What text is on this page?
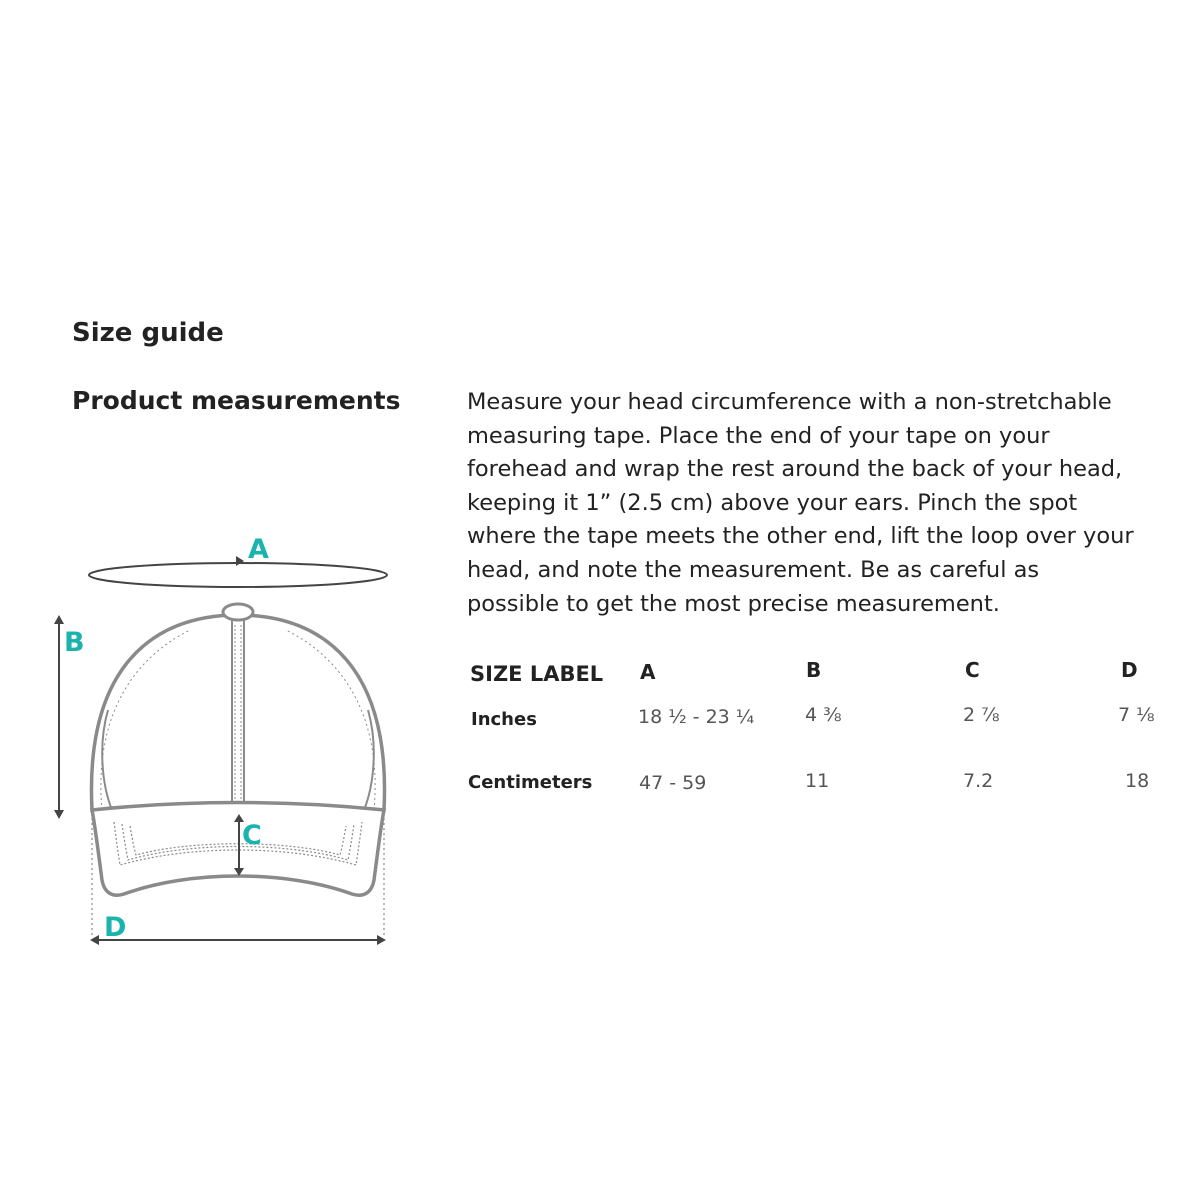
Size guide
Product measurements	Measure your head circumference with a non-stretchable measuring tape. Place the end of your tape on your forehead and wrap the rest around the back of your head, keeping it 1” (2.5 cm) above your ears. Pinch the spot where the tape meets the other end, lift the loop over your head, and note the measurement. Be as careful as possible to get the most precise measurement.

A
B
C
D
SIZE LABEL A	B	C	D
Inches	18 ½ - 23 ¼	4 ⅜	2 ⅞	7 ⅛
Centimeters 47 - 59	11	7.2	18
